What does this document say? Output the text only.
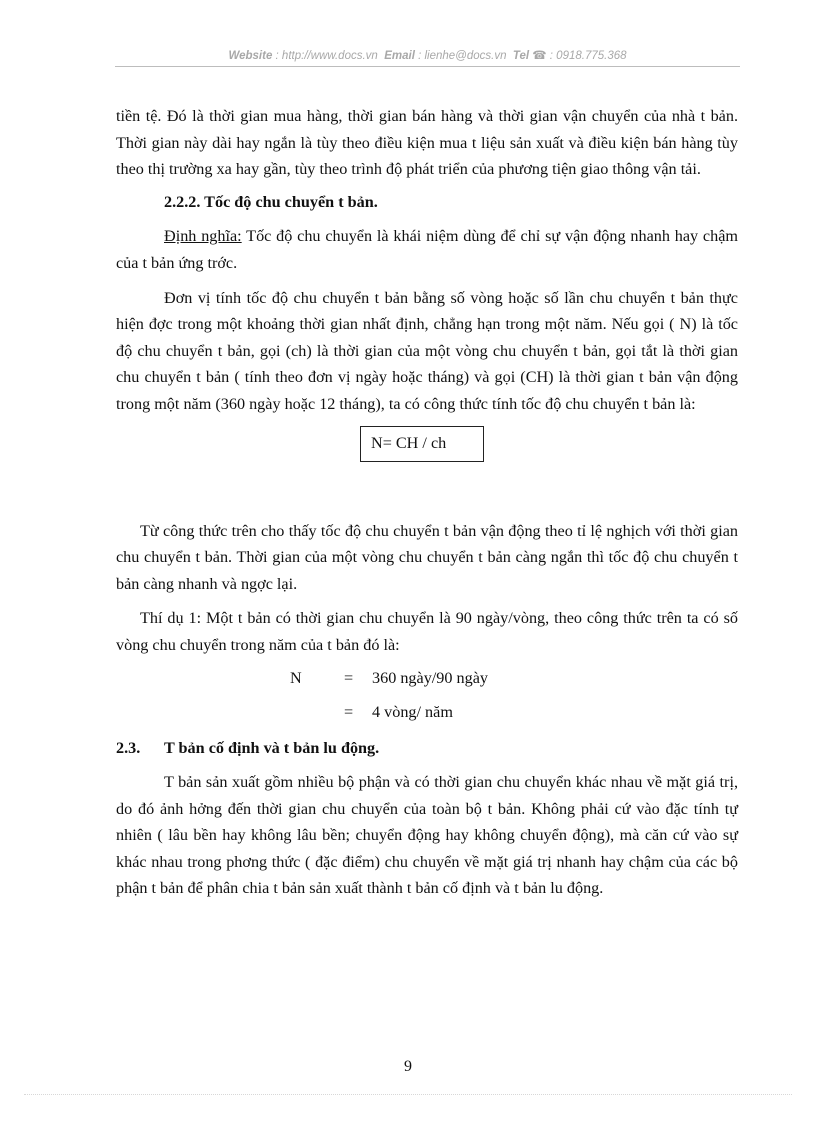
Website : http://www.docs.vn Email : lienhe@docs.vn Tel ☎ : 0918.775.368

tiền tệ. Đó là thời gian mua hàng, thời gian bán hàng và thời gian vận chuyển của nhà t bản. Thời gian này dài hay ngắn là tùy theo điều kiện mua t liệu sản xuất và điều kiện bán hàng tùy theo thị trường xa hay gần, tùy theo trình độ phát triển của phương tiện giao thông vận tải.

2.2.2. Tốc độ chu chuyển t bản.

Định nghĩa: Tốc độ chu chuyển là khái niệm dùng để chỉ sự vận động nhanh hay chậm của t bản ứng trớc.

Đơn vị tính tốc độ chu chuyển t bản bằng số vòng hoặc số lần chu chuyển t bản thực hiện đợc trong một khoảng thời gian nhất định, chẳng hạn trong một năm. Nếu gọi ( N) là tốc độ chu chuyển t bản, gọi (ch) là thời gian của một vòng chu chuyển t bản, gọi tắt là thời gian chu chuyển t bản ( tính theo đơn vị ngày hoặc tháng) và gọi (CH) là thời gian t bản vận động trong một năm (360 ngày hoặc 12 tháng), ta có công thức tính tốc độ chu chuyển t bản là:

N= CH / ch

Từ công thức trên cho thấy tốc độ chu chuyển t bản vận động theo tỉ lệ nghịch với thời gian chu chuyển t bản. Thời gian của một vòng chu chuyển t bản càng ngắn thì tốc độ chu chuyển t bản càng nhanh và ngợc lại.

Thí dụ 1: Một t bản có thời gian chu chuyển là 90 ngày/vòng, theo công thức trên ta có số vòng chu chuyển trong năm của t bản đó là:

N	= 360 ngày/90 ngày
= 4 vòng/ năm

2.3. T bản cố định và t bản lu động.

T bản sản xuất gồm nhiều bộ phận và có thời gian chu chuyển khác nhau về mặt giá trị, do đó ảnh hởng đến thời gian chu chuyển của toàn bộ t bản. Không phải cứ vào đặc tính tự nhiên ( lâu bền hay không lâu bền; chuyển động hay không chuyển động), mà căn cứ vào sự khác nhau trong phơng thức ( đặc điểm) chu chuyển về mặt giá trị nhanh hay chậm của các bộ phận t bản để phân chia t bản sản xuất thành t bản cố định và t bản lu động.

9
